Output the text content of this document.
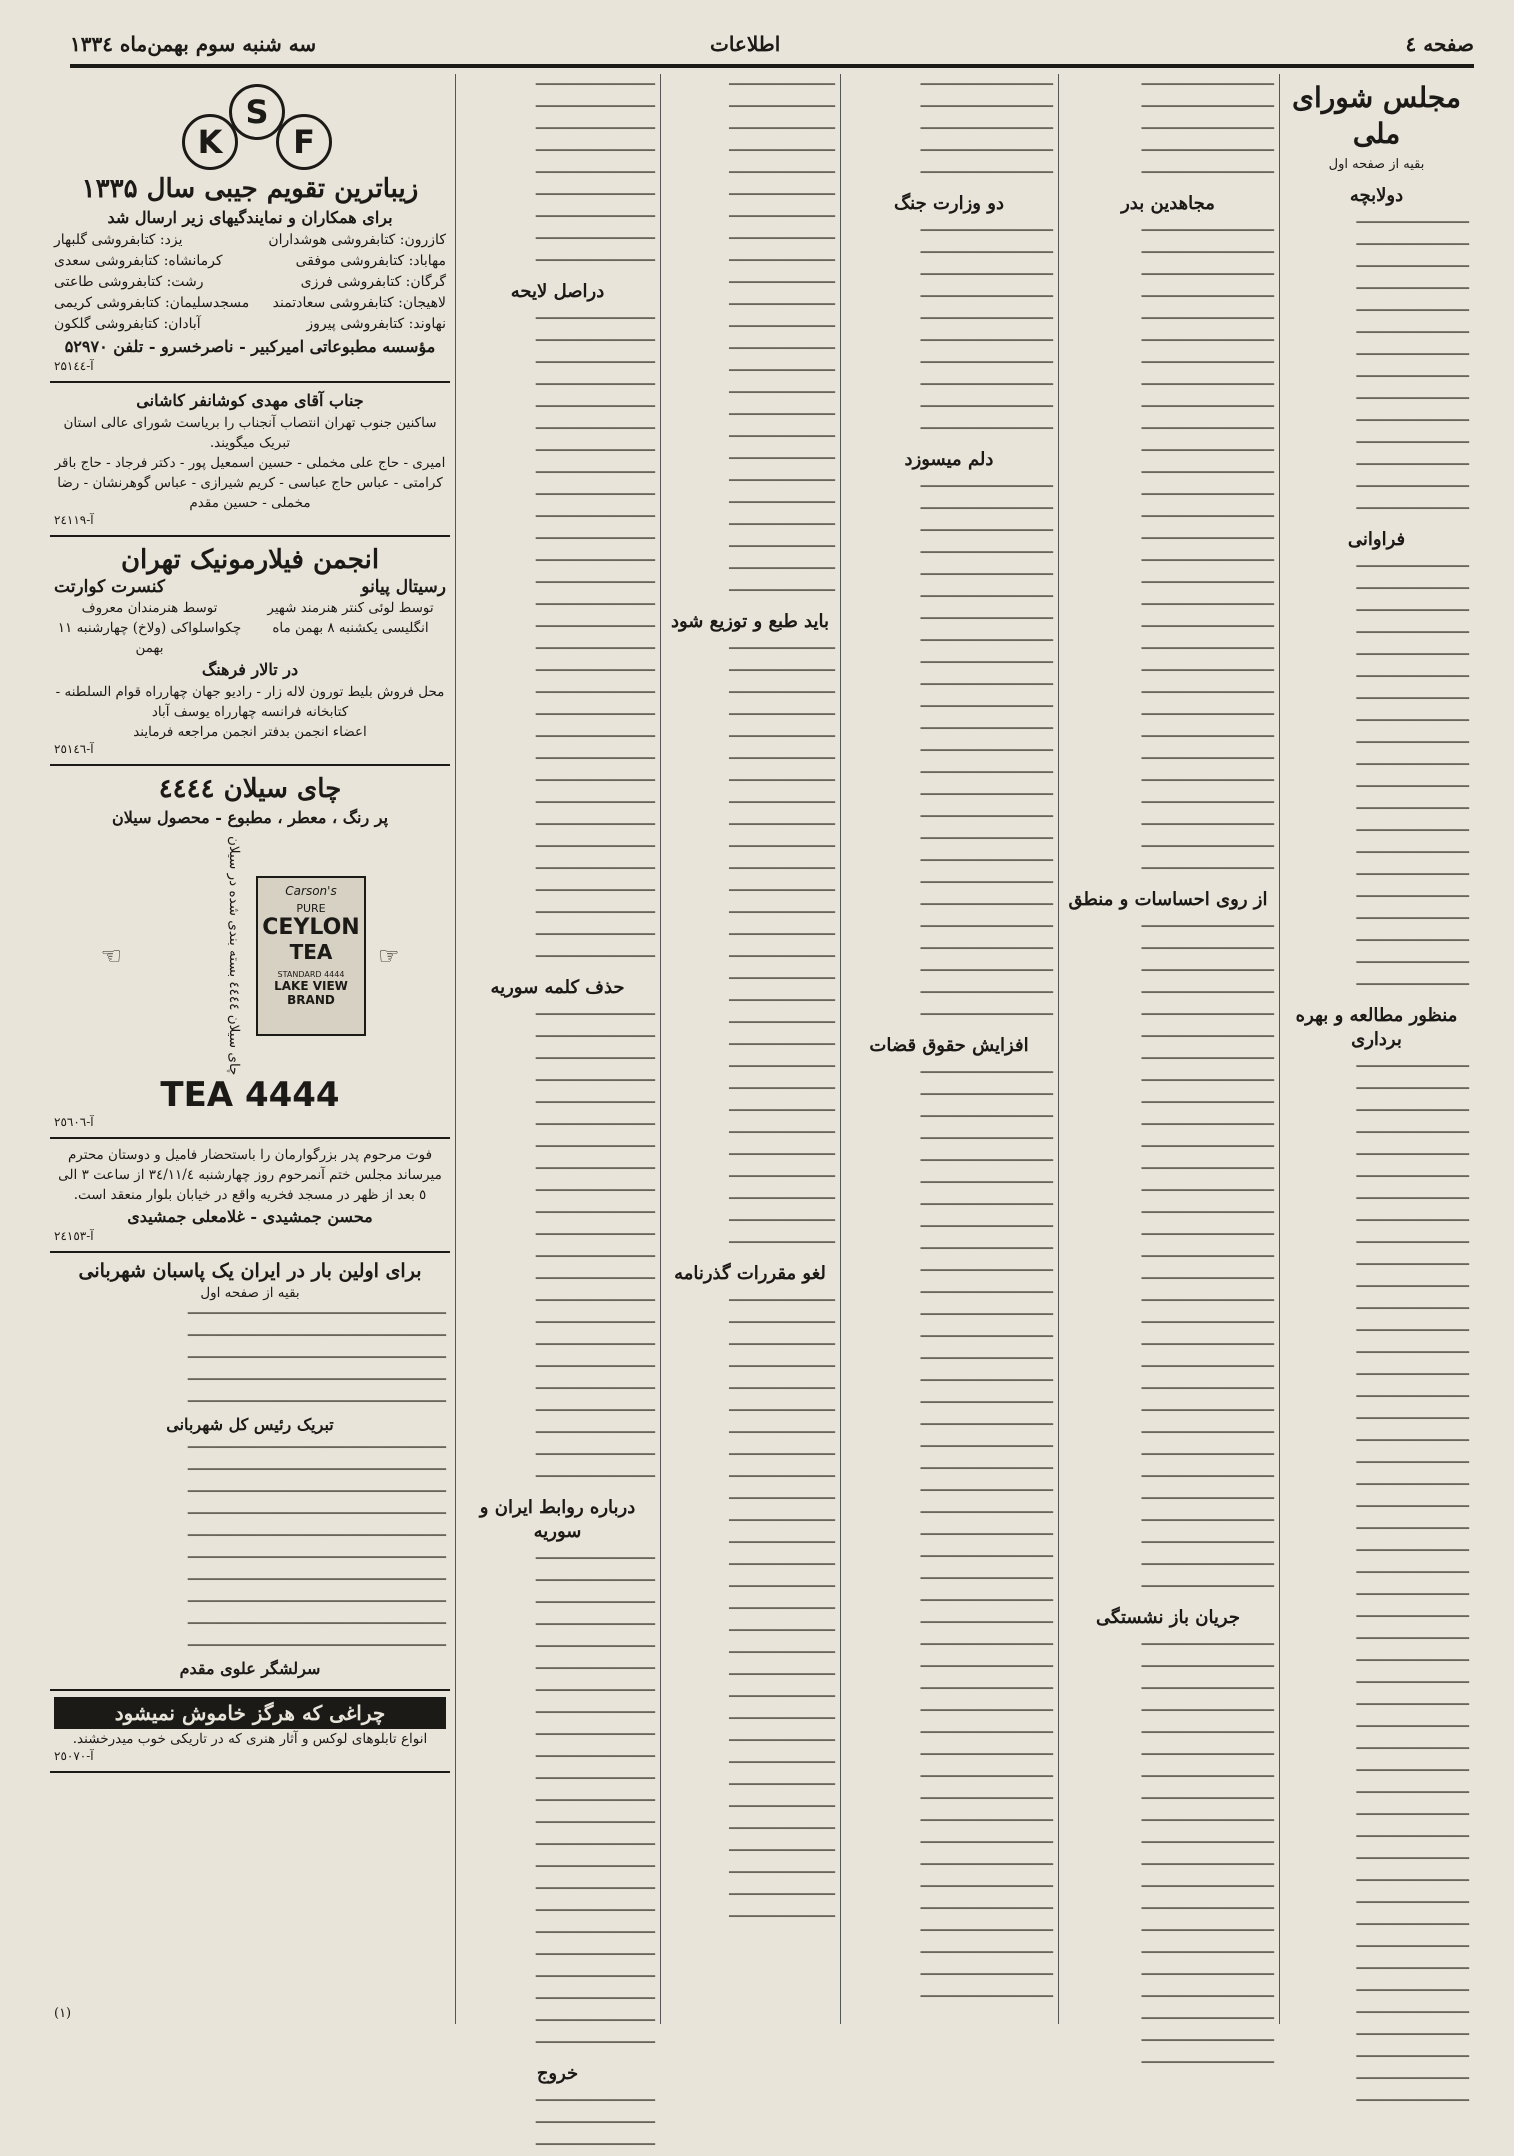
صفحه ٤
اطلاعات
سه شنبه سوم بهمن‌ماه ۱۳۳٤
مجلس شورای ملی
بقیه از صفحه اول
دولابچه
━━━━━━━━━━━━━━━━━
━━━━━━━━━━━━━━━━━
━━━━━━━━━━━━━━━━━
━━━━━━━━━━━━━━━━━
━━━━━━━━━━━━━━━━━
━━━━━━━━━━━━━━━━━
━━━━━━━━━━━━━━━━━
━━━━━━━━━━━━━━━━━
━━━━━━━━━━━━━━━━━
━━━━━━━━━━━━━━━━━
━━━━━━━━━━━━━━━━━
━━━━━━━━━━━━━━━━━
━━━━━━━━━━━━━━━━━
━━━━━━━━━━━━━━━━━
فراوانی
━━━━━━━━━━━━━━━━━
━━━━━━━━━━━━━━━━━
━━━━━━━━━━━━━━━━━
━━━━━━━━━━━━━━━━━
━━━━━━━━━━━━━━━━━
━━━━━━━━━━━━━━━━━
━━━━━━━━━━━━━━━━━
━━━━━━━━━━━━━━━━━
━━━━━━━━━━━━━━━━━
━━━━━━━━━━━━━━━━━
━━━━━━━━━━━━━━━━━
━━━━━━━━━━━━━━━━━
━━━━━━━━━━━━━━━━━
━━━━━━━━━━━━━━━━━
━━━━━━━━━━━━━━━━━
━━━━━━━━━━━━━━━━━
━━━━━━━━━━━━━━━━━
━━━━━━━━━━━━━━━━━
━━━━━━━━━━━━━━━━━
━━━━━━━━━━━━━━━━━
منظور مطالعه و بهره برداری
━━━━━━━━━━━━━━━━━
━━━━━━━━━━━━━━━━━
━━━━━━━━━━━━━━━━━
━━━━━━━━━━━━━━━━━
━━━━━━━━━━━━━━━━━
━━━━━━━━━━━━━━━━━
━━━━━━━━━━━━━━━━━
━━━━━━━━━━━━━━━━━
━━━━━━━━━━━━━━━━━
━━━━━━━━━━━━━━━━━
━━━━━━━━━━━━━━━━━
━━━━━━━━━━━━━━━━━
━━━━━━━━━━━━━━━━━
━━━━━━━━━━━━━━━━━
━━━━━━━━━━━━━━━━━
━━━━━━━━━━━━━━━━━
━━━━━━━━━━━━━━━━━
━━━━━━━━━━━━━━━━━
━━━━━━━━━━━━━━━━━
━━━━━━━━━━━━━━━━━
━━━━━━━━━━━━━━━━━
━━━━━━━━━━━━━━━━━
━━━━━━━━━━━━━━━━━
━━━━━━━━━━━━━━━━━
━━━━━━━━━━━━━━━━━
━━━━━━━━━━━━━━━━━
━━━━━━━━━━━━━━━━━
━━━━━━━━━━━━━━━━━
━━━━━━━━━━━━━━━━━
━━━━━━━━━━━━━━━━━
━━━━━━━━━━━━━━━━━
━━━━━━━━━━━━━━━━━
━━━━━━━━━━━━━━━━━
━━━━━━━━━━━━━━━━━
━━━━━━━━━━━━━━━━━
━━━━━━━━━━━━━━━━━
━━━━━━━━━━━━━━━━━
━━━━━━━━━━━━━━━━━
━━━━━━━━━━━━━━━━━
━━━━━━━━━━━━━━━━━
━━━━━━━━━━━━━━━━━
━━━━━━━━━━━━━━━━━
━━━━━━━━━━━━━━━━━
━━━━━━━━━━━━━━━━━
━━━━━━━━━━━━━━━━━
━━━━━━━━━━━━━━━━━
━━━━━━━━━━━━━━━━━
━━━━━━━━━━━━━━━━━
━━━━━━━━━━━━━━━━━━━━
━━━━━━━━━━━━━━━━━━━━
━━━━━━━━━━━━━━━━━━━━
━━━━━━━━━━━━━━━━━━━━
━━━━━━━━━━━━━━━━━━━━
مجاهدین بدر
━━━━━━━━━━━━━━━━━━━━
━━━━━━━━━━━━━━━━━━━━
━━━━━━━━━━━━━━━━━━━━
━━━━━━━━━━━━━━━━━━━━
━━━━━━━━━━━━━━━━━━━━
━━━━━━━━━━━━━━━━━━━━
━━━━━━━━━━━━━━━━━━━━
━━━━━━━━━━━━━━━━━━━━
━━━━━━━━━━━━━━━━━━━━
━━━━━━━━━━━━━━━━━━━━
━━━━━━━━━━━━━━━━━━━━
━━━━━━━━━━━━━━━━━━━━
━━━━━━━━━━━━━━━━━━━━
━━━━━━━━━━━━━━━━━━━━
━━━━━━━━━━━━━━━━━━━━
━━━━━━━━━━━━━━━━━━━━
━━━━━━━━━━━━━━━━━━━━
━━━━━━━━━━━━━━━━━━━━
━━━━━━━━━━━━━━━━━━━━
━━━━━━━━━━━━━━━━━━━━
━━━━━━━━━━━━━━━━━━━━
━━━━━━━━━━━━━━━━━━━━
━━━━━━━━━━━━━━━━━━━━
━━━━━━━━━━━━━━━━━━━━
━━━━━━━━━━━━━━━━━━━━
━━━━━━━━━━━━━━━━━━━━
━━━━━━━━━━━━━━━━━━━━
━━━━━━━━━━━━━━━━━━━━
━━━━━━━━━━━━━━━━━━━━
━━━━━━━━━━━━━━━━━━━━
از روی احساسات و منطق
━━━━━━━━━━━━━━━━━━━━
━━━━━━━━━━━━━━━━━━━━
━━━━━━━━━━━━━━━━━━━━
━━━━━━━━━━━━━━━━━━━━
━━━━━━━━━━━━━━━━━━━━
━━━━━━━━━━━━━━━━━━━━
━━━━━━━━━━━━━━━━━━━━
━━━━━━━━━━━━━━━━━━━━
━━━━━━━━━━━━━━━━━━━━
━━━━━━━━━━━━━━━━━━━━
━━━━━━━━━━━━━━━━━━━━
━━━━━━━━━━━━━━━━━━━━
━━━━━━━━━━━━━━━━━━━━
━━━━━━━━━━━━━━━━━━━━
━━━━━━━━━━━━━━━━━━━━
━━━━━━━━━━━━━━━━━━━━
━━━━━━━━━━━━━━━━━━━━
━━━━━━━━━━━━━━━━━━━━
━━━━━━━━━━━━━━━━━━━━
━━━━━━━━━━━━━━━━━━━━
━━━━━━━━━━━━━━━━━━━━
━━━━━━━━━━━━━━━━━━━━
━━━━━━━━━━━━━━━━━━━━
━━━━━━━━━━━━━━━━━━━━
━━━━━━━━━━━━━━━━━━━━
━━━━━━━━━━━━━━━━━━━━
━━━━━━━━━━━━━━━━━━━━
━━━━━━━━━━━━━━━━━━━━
━━━━━━━━━━━━━━━━━━━━
━━━━━━━━━━━━━━━━━━━━
━━━━━━━━━━━━━━━━━━━━
جریان باز نشستگی
━━━━━━━━━━━━━━━━━━━━
━━━━━━━━━━━━━━━━━━━━
━━━━━━━━━━━━━━━━━━━━
━━━━━━━━━━━━━━━━━━━━
━━━━━━━━━━━━━━━━━━━━
━━━━━━━━━━━━━━━━━━━━
━━━━━━━━━━━━━━━━━━━━
━━━━━━━━━━━━━━━━━━━━
━━━━━━━━━━━━━━━━━━━━
━━━━━━━━━━━━━━━━━━━━
━━━━━━━━━━━━━━━━━━━━
━━━━━━━━━━━━━━━━━━━━
━━━━━━━━━━━━━━━━━━━━
━━━━━━━━━━━━━━━━━━━━
━━━━━━━━━━━━━━━━━━━━
━━━━━━━━━━━━━━━━━━━━
━━━━━━━━━━━━━━━━━━━━
━━━━━━━━━━━━━━━━━━━━
━━━━━━━━━━━━━━━━━━━━
━━━━━━━━━━━━━━━━━━━━
━━━━━━━━━━━━━━━━━━━━
━━━━━━━━━━━━━━━━━━━━
━━━━━━━━━━━━━━━━━━━━
━━━━━━━━━━━━━━━━━━━━
━━━━━━━━━━━━━━━━━━━━
دو وزارت جنگ
━━━━━━━━━━━━━━━━━━━━
━━━━━━━━━━━━━━━━━━━━
━━━━━━━━━━━━━━━━━━━━
━━━━━━━━━━━━━━━━━━━━
━━━━━━━━━━━━━━━━━━━━
━━━━━━━━━━━━━━━━━━━━
━━━━━━━━━━━━━━━━━━━━
━━━━━━━━━━━━━━━━━━━━
━━━━━━━━━━━━━━━━━━━━
━━━━━━━━━━━━━━━━━━━━
دلم میسوزد
━━━━━━━━━━━━━━━━━━━━
━━━━━━━━━━━━━━━━━━━━
━━━━━━━━━━━━━━━━━━━━
━━━━━━━━━━━━━━━━━━━━
━━━━━━━━━━━━━━━━━━━━
━━━━━━━━━━━━━━━━━━━━
━━━━━━━━━━━━━━━━━━━━
━━━━━━━━━━━━━━━━━━━━
━━━━━━━━━━━━━━━━━━━━
━━━━━━━━━━━━━━━━━━━━
━━━━━━━━━━━━━━━━━━━━
━━━━━━━━━━━━━━━━━━━━
━━━━━━━━━━━━━━━━━━━━
━━━━━━━━━━━━━━━━━━━━
━━━━━━━━━━━━━━━━━━━━
━━━━━━━━━━━━━━━━━━━━
━━━━━━━━━━━━━━━━━━━━
━━━━━━━━━━━━━━━━━━━━
━━━━━━━━━━━━━━━━━━━━
━━━━━━━━━━━━━━━━━━━━
━━━━━━━━━━━━━━━━━━━━
━━━━━━━━━━━━━━━━━━━━
━━━━━━━━━━━━━━━━━━━━
━━━━━━━━━━━━━━━━━━━━
━━━━━━━━━━━━━━━━━━━━
افزایش حقوق قضات
━━━━━━━━━━━━━━━━━━━━
━━━━━━━━━━━━━━━━━━━━
━━━━━━━━━━━━━━━━━━━━
━━━━━━━━━━━━━━━━━━━━
━━━━━━━━━━━━━━━━━━━━
━━━━━━━━━━━━━━━━━━━━
━━━━━━━━━━━━━━━━━━━━
━━━━━━━━━━━━━━━━━━━━
━━━━━━━━━━━━━━━━━━━━
━━━━━━━━━━━━━━━━━━━━
━━━━━━━━━━━━━━━━━━━━
━━━━━━━━━━━━━━━━━━━━
━━━━━━━━━━━━━━━━━━━━
━━━━━━━━━━━━━━━━━━━━
━━━━━━━━━━━━━━━━━━━━
━━━━━━━━━━━━━━━━━━━━
━━━━━━━━━━━━━━━━━━━━
━━━━━━━━━━━━━━━━━━━━
━━━━━━━━━━━━━━━━━━━━
━━━━━━━━━━━━━━━━━━━━
━━━━━━━━━━━━━━━━━━━━
━━━━━━━━━━━━━━━━━━━━
━━━━━━━━━━━━━━━━━━━━
━━━━━━━━━━━━━━━━━━━━
━━━━━━━━━━━━━━━━━━━━
━━━━━━━━━━━━━━━━━━━━
━━━━━━━━━━━━━━━━━━━━
━━━━━━━━━━━━━━━━━━━━
━━━━━━━━━━━━━━━━━━━━
━━━━━━━━━━━━━━━━━━━━
━━━━━━━━━━━━━━━━━━━━
━━━━━━━━━━━━━━━━━━━━
━━━━━━━━━━━━━━━━━━━━
━━━━━━━━━━━━━━━━━━━━
━━━━━━━━━━━━━━━━━━━━
━━━━━━━━━━━━━━━━━━━━
━━━━━━━━━━━━━━━━━━━━
━━━━━━━━━━━━━━━━━━━━
━━━━━━━━━━━━━━━━━━━━
━━━━━━━━━━━━━━━━━━━━
━━━━━━━━━━━━━━━━━━━━
━━━━━━━━━━━━━━━━━━━━
━━━━━━━━━━━━━━━━━━━━
━━━━━━━━━━━━━━━━
━━━━━━━━━━━━━━━━
━━━━━━━━━━━━━━━━
━━━━━━━━━━━━━━━━
━━━━━━━━━━━━━━━━
━━━━━━━━━━━━━━━━
━━━━━━━━━━━━━━━━
━━━━━━━━━━━━━━━━
━━━━━━━━━━━━━━━━
━━━━━━━━━━━━━━━━
━━━━━━━━━━━━━━━━
━━━━━━━━━━━━━━━━
━━━━━━━━━━━━━━━━
━━━━━━━━━━━━━━━━
━━━━━━━━━━━━━━━━
━━━━━━━━━━━━━━━━
━━━━━━━━━━━━━━━━
━━━━━━━━━━━━━━━━
━━━━━━━━━━━━━━━━
━━━━━━━━━━━━━━━━
━━━━━━━━━━━━━━━━
━━━━━━━━━━━━━━━━
━━━━━━━━━━━━━━━━
━━━━━━━━━━━━━━━━
باید طبع و توزیع شود
━━━━━━━━━━━━━━━━
━━━━━━━━━━━━━━━━
━━━━━━━━━━━━━━━━
━━━━━━━━━━━━━━━━
━━━━━━━━━━━━━━━━
━━━━━━━━━━━━━━━━
━━━━━━━━━━━━━━━━
━━━━━━━━━━━━━━━━
━━━━━━━━━━━━━━━━
━━━━━━━━━━━━━━━━
━━━━━━━━━━━━━━━━
━━━━━━━━━━━━━━━━
━━━━━━━━━━━━━━━━
━━━━━━━━━━━━━━━━
━━━━━━━━━━━━━━━━
━━━━━━━━━━━━━━━━
━━━━━━━━━━━━━━━━
━━━━━━━━━━━━━━━━
━━━━━━━━━━━━━━━━
━━━━━━━━━━━━━━━━
━━━━━━━━━━━━━━━━
━━━━━━━━━━━━━━━━
━━━━━━━━━━━━━━━━
━━━━━━━━━━━━━━━━
━━━━━━━━━━━━━━━━
━━━━━━━━━━━━━━━━
━━━━━━━━━━━━━━━━
━━━━━━━━━━━━━━━━
لغو مقررات گذرنامه
━━━━━━━━━━━━━━━━
━━━━━━━━━━━━━━━━
━━━━━━━━━━━━━━━━
━━━━━━━━━━━━━━━━
━━━━━━━━━━━━━━━━
━━━━━━━━━━━━━━━━
━━━━━━━━━━━━━━━━
━━━━━━━━━━━━━━━━
━━━━━━━━━━━━━━━━
━━━━━━━━━━━━━━━━
━━━━━━━━━━━━━━━━
━━━━━━━━━━━━━━━━
━━━━━━━━━━━━━━━━
━━━━━━━━━━━━━━━━
━━━━━━━━━━━━━━━━
━━━━━━━━━━━━━━━━
━━━━━━━━━━━━━━━━
━━━━━━━━━━━━━━━━
━━━━━━━━━━━━━━━━
━━━━━━━━━━━━━━━━
━━━━━━━━━━━━━━━━
━━━━━━━━━━━━━━━━
━━━━━━━━━━━━━━━━
━━━━━━━━━━━━━━━━
━━━━━━━━━━━━━━━━
━━━━━━━━━━━━━━━━
━━━━━━━━━━━━━━━━
━━━━━━━━━━━━━━━━
━━━━━━━━━━━━━━━━
━━━━━━━━━━━━━━━━━━
━━━━━━━━━━━━━━━━━━
━━━━━━━━━━━━━━━━━━
━━━━━━━━━━━━━━━━━━
━━━━━━━━━━━━━━━━━━
━━━━━━━━━━━━━━━━━━
━━━━━━━━━━━━━━━━━━
━━━━━━━━━━━━━━━━━━
━━━━━━━━━━━━━━━━━━
دراصل لایحه
━━━━━━━━━━━━━━━━━━
━━━━━━━━━━━━━━━━━━
━━━━━━━━━━━━━━━━━━
━━━━━━━━━━━━━━━━━━
━━━━━━━━━━━━━━━━━━
━━━━━━━━━━━━━━━━━━
━━━━━━━━━━━━━━━━━━
━━━━━━━━━━━━━━━━━━
━━━━━━━━━━━━━━━━━━
━━━━━━━━━━━━━━━━━━
━━━━━━━━━━━━━━━━━━
━━━━━━━━━━━━━━━━━━
━━━━━━━━━━━━━━━━━━
━━━━━━━━━━━━━━━━━━
━━━━━━━━━━━━━━━━━━
━━━━━━━━━━━━━━━━━━
━━━━━━━━━━━━━━━━━━
━━━━━━━━━━━━━━━━━━
━━━━━━━━━━━━━━━━━━
━━━━━━━━━━━━━━━━━━
━━━━━━━━━━━━━━━━━━
━━━━━━━━━━━━━━━━━━
━━━━━━━━━━━━━━━━━━
━━━━━━━━━━━━━━━━━━
━━━━━━━━━━━━━━━━━━
━━━━━━━━━━━━━━━━━━
━━━━━━━━━━━━━━━━━━
━━━━━━━━━━━━━━━━━━
━━━━━━━━━━━━━━━━━━
━━━━━━━━━━━━━━━━━━
حذف کلمه سوریه
━━━━━━━━━━━━━━━━━━
━━━━━━━━━━━━━━━━━━
━━━━━━━━━━━━━━━━━━
━━━━━━━━━━━━━━━━━━
━━━━━━━━━━━━━━━━━━
━━━━━━━━━━━━━━━━━━
━━━━━━━━━━━━━━━━━━
━━━━━━━━━━━━━━━━━━
━━━━━━━━━━━━━━━━━━
━━━━━━━━━━━━━━━━━━
━━━━━━━━━━━━━━━━━━
━━━━━━━━━━━━━━━━━━
━━━━━━━━━━━━━━━━━━
━━━━━━━━━━━━━━━━━━
━━━━━━━━━━━━━━━━━━
━━━━━━━━━━━━━━━━━━
━━━━━━━━━━━━━━━━━━
━━━━━━━━━━━━━━━━━━
━━━━━━━━━━━━━━━━━━
━━━━━━━━━━━━━━━━━━
━━━━━━━━━━━━━━━━━━
━━━━━━━━━━━━━━━━━━
درباره روابط ایران و سوریه
━━━━━━━━━━━━━━━━━━
━━━━━━━━━━━━━━━━━━
━━━━━━━━━━━━━━━━━━
━━━━━━━━━━━━━━━━━━
━━━━━━━━━━━━━━━━━━
━━━━━━━━━━━━━━━━━━
━━━━━━━━━━━━━━━━━━
━━━━━━━━━━━━━━━━━━
━━━━━━━━━━━━━━━━━━
━━━━━━━━━━━━━━━━━━
━━━━━━━━━━━━━━━━━━
━━━━━━━━━━━━━━━━━━
━━━━━━━━━━━━━━━━━━
━━━━━━━━━━━━━━━━━━
━━━━━━━━━━━━━━━━━━
━━━━━━━━━━━━━━━━━━
━━━━━━━━━━━━━━━━━━
━━━━━━━━━━━━━━━━━━
━━━━━━━━━━━━━━━━━━
━━━━━━━━━━━━━━━━━━
━━━━━━━━━━━━━━━━━━
━━━━━━━━━━━━━━━━━━
━━━━━━━━━━━━━━━━━━
خروج
━━━━━━━━━━━━━━━━━━
━━━━━━━━━━━━━━━━━━
━━━━━━━━━━━━━━━━━━
K
S
F
زیباترین تقویم جیبی سال ۱۳۳۵
برای همکاران و نمایندگیهای زیر ارسال شد
کازرون: کتابفروشی هوشداران
یزد: کتابفروشی گلبهار
مهاباد: کتابفروشی موفقی
کرمانشاه: کتابفروشی سعدی
گرگان: کتابفروشی فرزی
رشت: کتابفروشی طاعتی
لاهیجان: کتابفروشی سعادتمند
مسجدسلیمان: کتابفروشی کریمی
نهاوند: کتابفروشی پیروز
آبادان: کتابفروشی گلکون
مؤسسه مطبوعاتی امیرکبیر - ناصرخسرو - تلفن ۵۲۹۷۰
آ-۲۵۱٤٤
جناب آقای مهدی کوشانفر کاشانی
ساکنین جنوب تهران انتصاب آنجناب را بریاست شورای عالی استان تبریک میگویند.
امیری - حاج علی مخملی - حسین اسمعیل پور - دکتر فرجاد - حاج باقر کرامتی - عباس حاج عباسی - کریم شیرازی - عباس گوهرنشان - رضا مخملی - حسین مقدم
آ-۲٤۱۱۹
انجمن فیلارمونیک تهران
رسیتال پیانو
کنسرت کوارتت
توسط لوئی کنتر هنرمند شهیر انگلیسی یکشنبه ۸ بهمن ماه
توسط هنرمندان معروف چکواسلواکی (ولاخ) چهارشنبه ۱۱ بهمن
در تالار فرهنگ
محل فروش بلیط تورون لاله زار - رادیو جهان چهارراه قوام السلطنه - کتابخانه فرانسه چهارراه یوسف آباد
اعضاء انجمن بدفتر انجمن مراجعه فرمایند
آ-۲٥۱٤٦
چای سیلان ٤٤٤٤
پر رنگ ، معطر ، مطبوع - محصول سیلان
☞
Carson's
PURE
CEYLON
TEA
STANDARD 4444
LAKE VIEW BRAND
چای سیلان ٤٤٤٤ بسته بندی شده در سیلان
☜
TEA 4444
آ-۲٥٦٠٦
فوت مرحوم پدر بزرگوارمان را باستحضار فامیل و دوستان محترم میرساند مجلس ختم آنمرحوم روز چهارشنبه ۳٤/۱۱/٤ از ساعت ۳ الی ٥ بعد از ظهر در مسجد فخریه واقع در خیابان بلوار منعقد است.
محسن جمشیدی - غلامعلی جمشیدی
آ-۲٤۱٥۳
برای اولین بار در ایران یک پاسبان شهربانی
بقیه از صفحه اول
━━━━━━━━━━━━━━━━━━━━━━━━━━━━━━━━━━━━━━━
━━━━━━━━━━━━━━━━━━━━━━━━━━━━━━━━━━━━━━━
━━━━━━━━━━━━━━━━━━━━━━━━━━━━━━━━━━━━━━━
━━━━━━━━━━━━━━━━━━━━━━━━━━━━━━━━━━━━━━━
━━━━━━━━━━━━━━━━━━━━━━━━━━━━━━━━━━━━━━━
تبریک رئیس کل شهربانی
━━━━━━━━━━━━━━━━━━━━━━━━━━━━━━━━━━━━━━━
━━━━━━━━━━━━━━━━━━━━━━━━━━━━━━━━━━━━━━━
━━━━━━━━━━━━━━━━━━━━━━━━━━━━━━━━━━━━━━━
━━━━━━━━━━━━━━━━━━━━━━━━━━━━━━━━━━━━━━━
━━━━━━━━━━━━━━━━━━━━━━━━━━━━━━━━━━━━━━━
━━━━━━━━━━━━━━━━━━━━━━━━━━━━━━━━━━━━━━━
━━━━━━━━━━━━━━━━━━━━━━━━━━━━━━━━━━━━━━━
━━━━━━━━━━━━━━━━━━━━━━━━━━━━━━━━━━━━━━━
━━━━━━━━━━━━━━━━━━━━━━━━━━━━━━━━━━━━━━━
━━━━━━━━━━━━━━━━━━━━━━━━━━━━━━━━━━━━━━━
سرلشگر علوی مقدم
چراغی که هرگز خاموش نمیشود
انواع تابلوهای لوکس و آثار هنری که در تاریکی خوب میدرخشند.
آ-۲٥٠٧٠
(۱)
